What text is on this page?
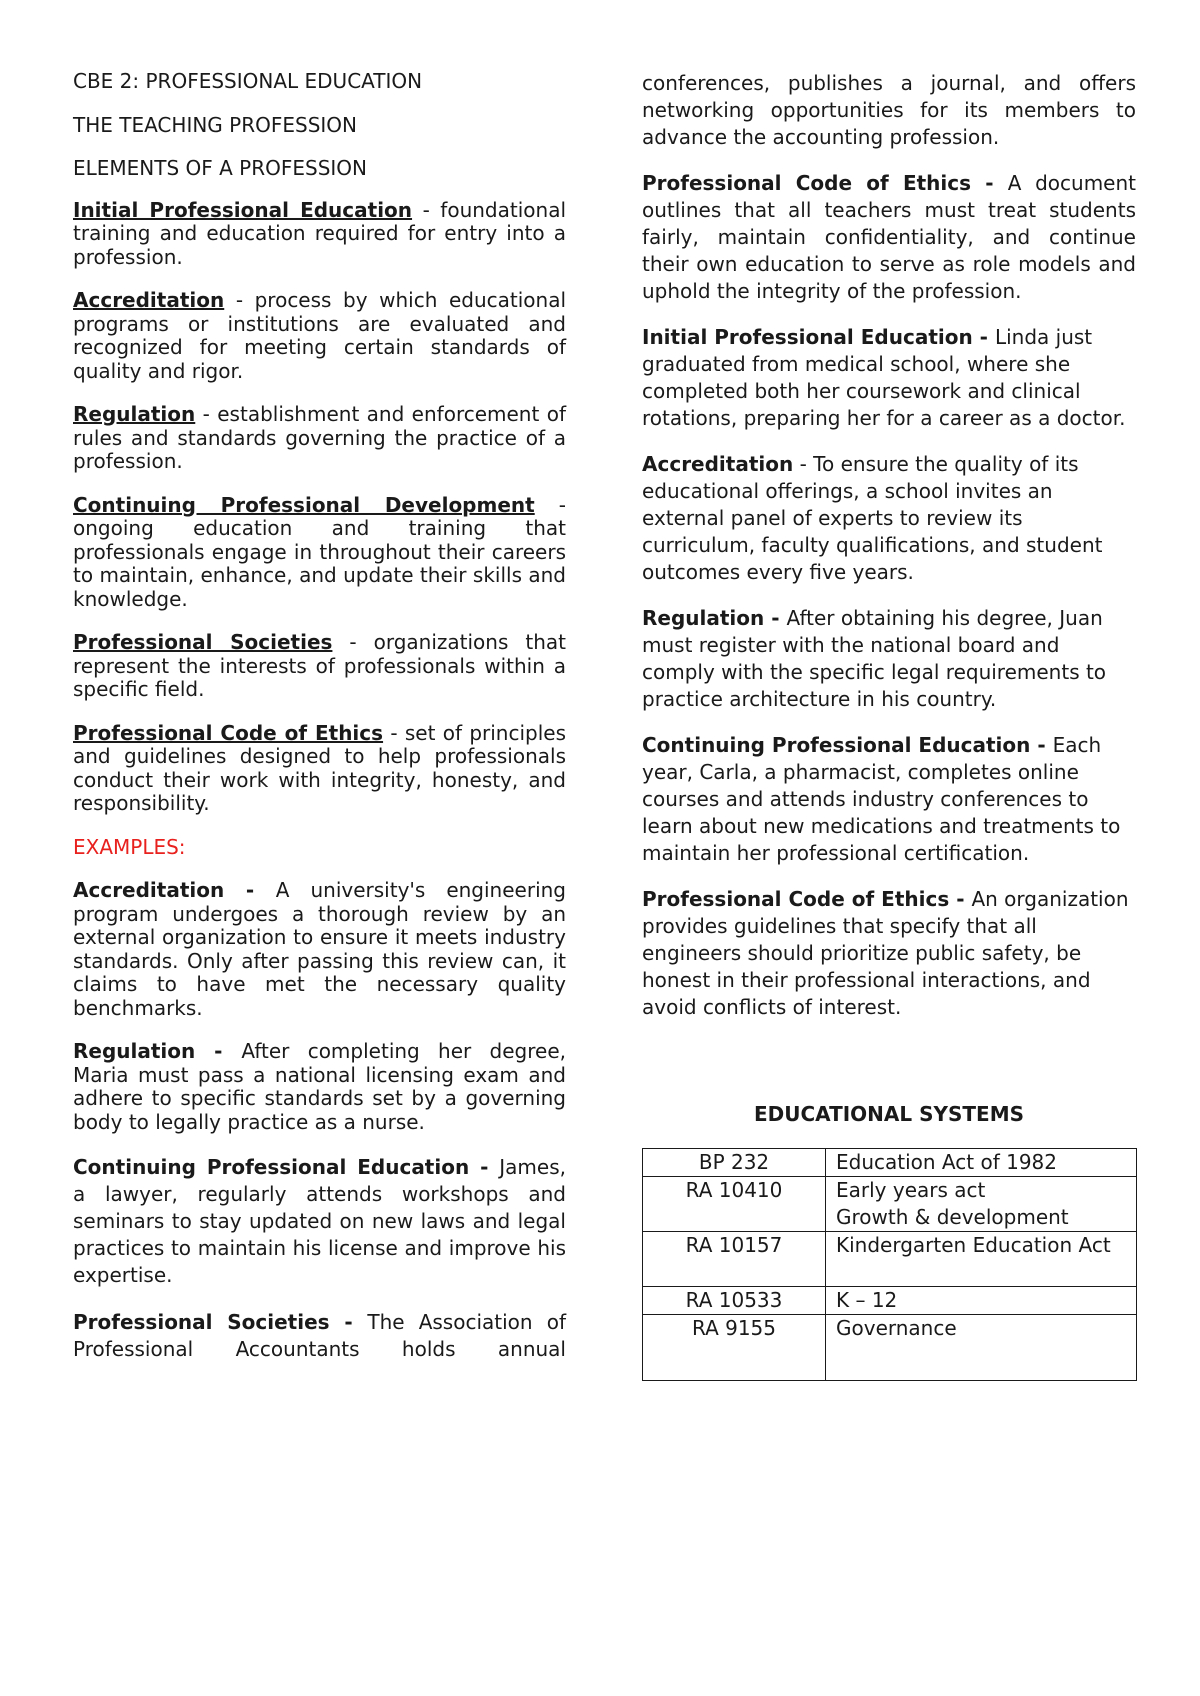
CBE 2: PROFESSIONAL EDUCATION
THE TEACHING PROFESSION
ELEMENTS OF A PROFESSION

Initial Professional Education - foundational training and education required for entry into a profession.

Accreditation - process by which educational programs or institutions are evaluated and recognized for meeting certain standards of quality and rigor.

Regulation - establishment and enforcement of rules and standards governing the practice of a profession.

Continuing Professional Development - ongoing education and training that professionals engage in throughout their careers to maintain, enhance, and update their skills and knowledge.

Professional Societies - organizations that represent the interests of professionals within a specific field.

Professional Code of Ethics - set of principles and guidelines designed to help professionals conduct their work with integrity, honesty, and responsibility.

EXAMPLES:

Accreditation - A university's engineering program undergoes a thorough review by an external organization to ensure it meets industry standards. Only after passing this review can, it claims to have met the necessary quality benchmarks.

Regulation - After completing her degree, Maria must pass a national licensing exam and adhere to specific standards set by a governing body to legally practice as a nurse.

Continuing Professional Education - James, a lawyer, regularly attends workshops and seminars to stay updated on new laws and legal practices to maintain his license and improve his expertise.

Professional Societies - The Association of Professional Accountants holds annual

conferences, publishes a journal, and offers networking opportunities for its members to advance the accounting profession.

Professional Code of Ethics - A document outlines that all teachers must treat students fairly, maintain confidentiality, and continue their own education to serve as role models and uphold the integrity of the profession.

Initial Professional Education - Linda just graduated from medical school, where she completed both her coursework and clinical rotations, preparing her for a career as a doctor.

Accreditation - To ensure the quality of its educational offerings, a school invites an external panel of experts to review its curriculum, faculty qualifications, and student outcomes every five years.

Regulation - After obtaining his degree, Juan must register with the national board and comply with the specific legal requirements to practice architecture in his country.

Continuing Professional Education - Each year, Carla, a pharmacist, completes online courses and attends industry conferences to learn about new medications and treatments to maintain her professional certification.

Professional Code of Ethics - An organization provides guidelines that specify that all engineers should prioritize public safety, be honest in their professional interactions, and avoid conflicts of interest.

EDUCATIONAL SYSTEMS
BP 232	Education Act of 1982

RA 10410	Early years act
Growth & development

RA 10157	Kindergarten Education Act

RA 10533	K – 12

RA 9155	Governance
